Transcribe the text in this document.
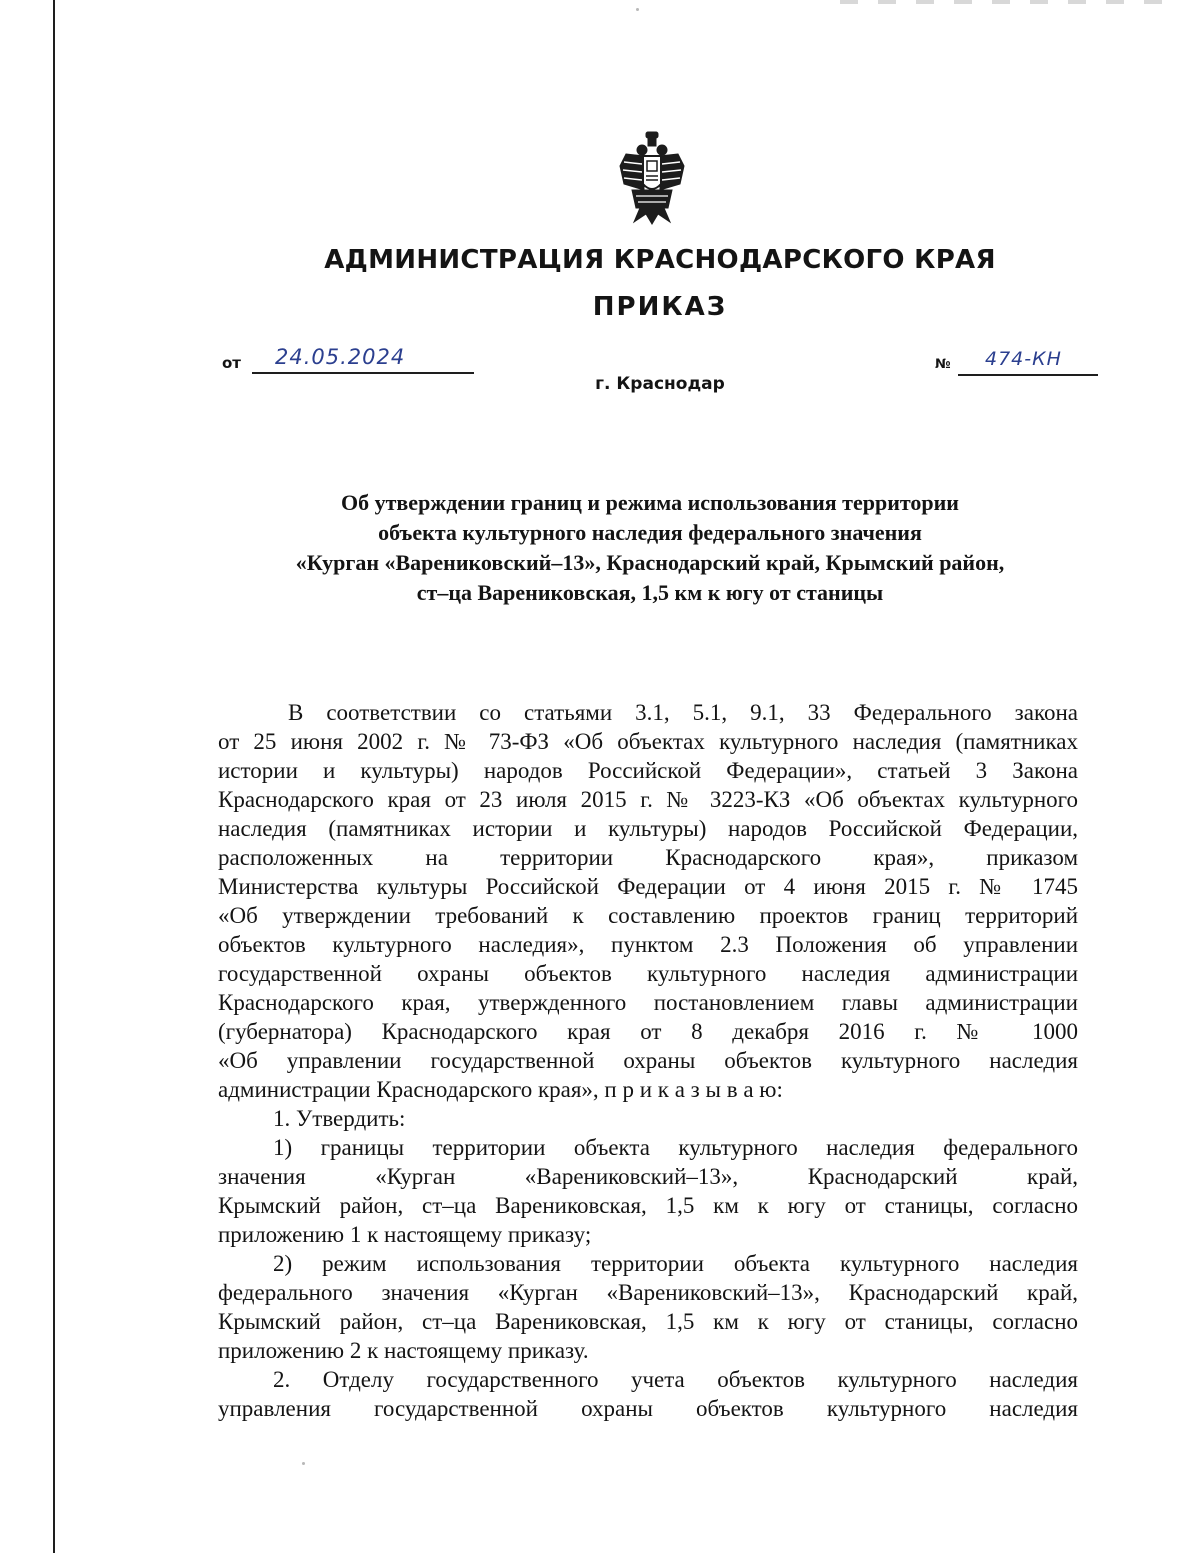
АДМИНИСТРАЦИЯ КРАСНОДАРСКОГО КРАЯ
ПРИКАЗ
от 24.05.2024
г. Краснодар
№ 474-КН
Об утверждении границ и режима использования территории
объекта культурного наследия федерального значения
«Курган «Варениковский–13», Краснодарский край, Крымский район,
ст–ца Варениковская, 1,5 км к югу от станицы

В соответствии со статьями 3.1, 5.1, 9.1, 33 Федерального закона

от 25 июня 2002 г. № 73-ФЗ «Об объектах культурного наследия (памятниках

истории и культуры) народов Российской Федерации», статьей 3 Закона

Краснодарского края от 23 июля 2015 г. № 3223-КЗ «Об объектах культурного

наследия (памятниках истории и культуры) народов Российской Федерации,

расположенных на территории Краснодарского края», приказом

Министерства культуры Российской Федерации от 4 июня 2015 г. № 1745

«Об утверждении требований к составлению проектов границ территорий

объектов культурного наследия», пунктом 2.3 Положения об управлении

государственной охраны объектов культурного наследия администрации

Краснодарского края, утвержденного постановлением главы администрации

(губернатора) Краснодарского края от 8 декабря 2016 г. № 1000

«Об управлении государственной охраны объектов культурного наследия

администрации Краснодарского края», п р и к а з ы в а ю:

1. Утвердить:

1) границы территории объекта культурного наследия федерального

значения «Курган «Варениковский–13», Краснодарский край,

Крымский район, ст–ца Варениковская, 1,5 км к югу от станицы, согласно

приложению 1 к настоящему приказу;

2) режим использования территории объекта культурного наследия

федерального значения «Курган «Варениковский–13», Краснодарский край,

Крымский район, ст–ца Варениковская, 1,5 км к югу от станицы, согласно

приложению 2 к настоящему приказу.

2. Отделу государственного учета объектов культурного наследия

управления государственной охраны объектов культурного наследия
